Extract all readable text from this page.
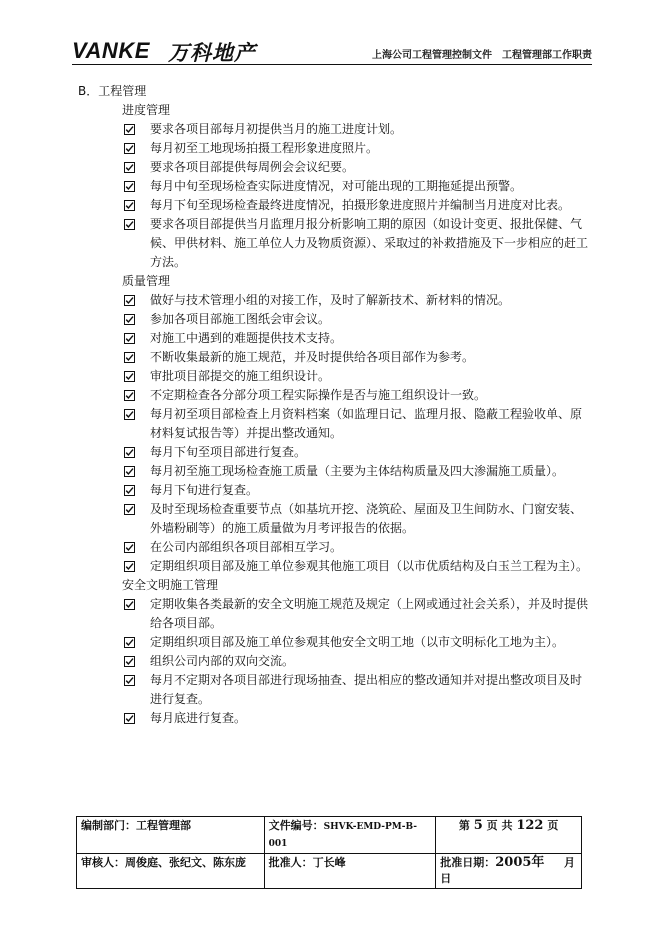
VANKE 万科地产	上海公司工程管理控制文件　工程管理部工作职责

B．工程管理

进度管理

要求各项目部每月初提供当月的施工进度计划。
每月初至工地现场拍摄工程形象进度照片。
要求各项目部提供每周例会会议纪要。
每月中旬至现场检查实际进度情况，对可能出现的工期拖延提出预警。
每月下旬至现场检查最终进度情况，拍摄形象进度照片并编制当月进度对比表。
要求各项目部提供当月监理月报分析影响工期的原因（如设计变更、报批保健、气候、甲供材料、施工单位人力及物质资源）、采取过的补救措施及下一步相应的赶工方法。

质量管理

做好与技术管理小组的对接工作，及时了解新技术、新材料的情况。
参加各项目部施工图纸会审会议。
对施工中遇到的难题提供技术支持。
不断收集最新的施工规范，并及时提供给各项目部作为参考。
审批项目部提交的施工组织设计。
不定期检查各分部分项工程实际操作是否与施工组织设计一致。
每月初至项目部检查上月资料档案（如监理日记、监理月报、隐蔽工程验收单、原材料复试报告等）并提出整改通知。
每月下旬至项目部进行复查。
每月初至施工现场检查施工质量（主要为主体结构质量及四大渗漏施工质量）。
每月下旬进行复查。
及时至现场检查重要节点（如基坑开挖、浇筑砼、屋面及卫生间防水、门窗安装、外墙粉刷等）的施工质量做为月考评报告的依据。
在公司内部组织各项目部相互学习。
定期组织项目部及施工单位参观其他施工项目（以市优质结构及白玉兰工程为主）。

安全文明施工管理

定期收集各类最新的安全文明施工规范及规定（上网或通过社会关系），并及时提供给各项目部。
定期组织项目部及施工单位参观其他安全文明工地（以市文明标化工地为主）。
组织公司内部的双向交流。
每月不定期对各项目部进行现场抽查、提出相应的整改通知并对提出整改项目及时进行复查。
每月底进行复查。
编制部门：工程管理部	文件编号：SHVK-EMD-PM-B-001	第 5 页 共 122 页
审核人：周俊庭、张纪文、陈东庞	批准人：丁长峰	批准日期：2005年 月

日
